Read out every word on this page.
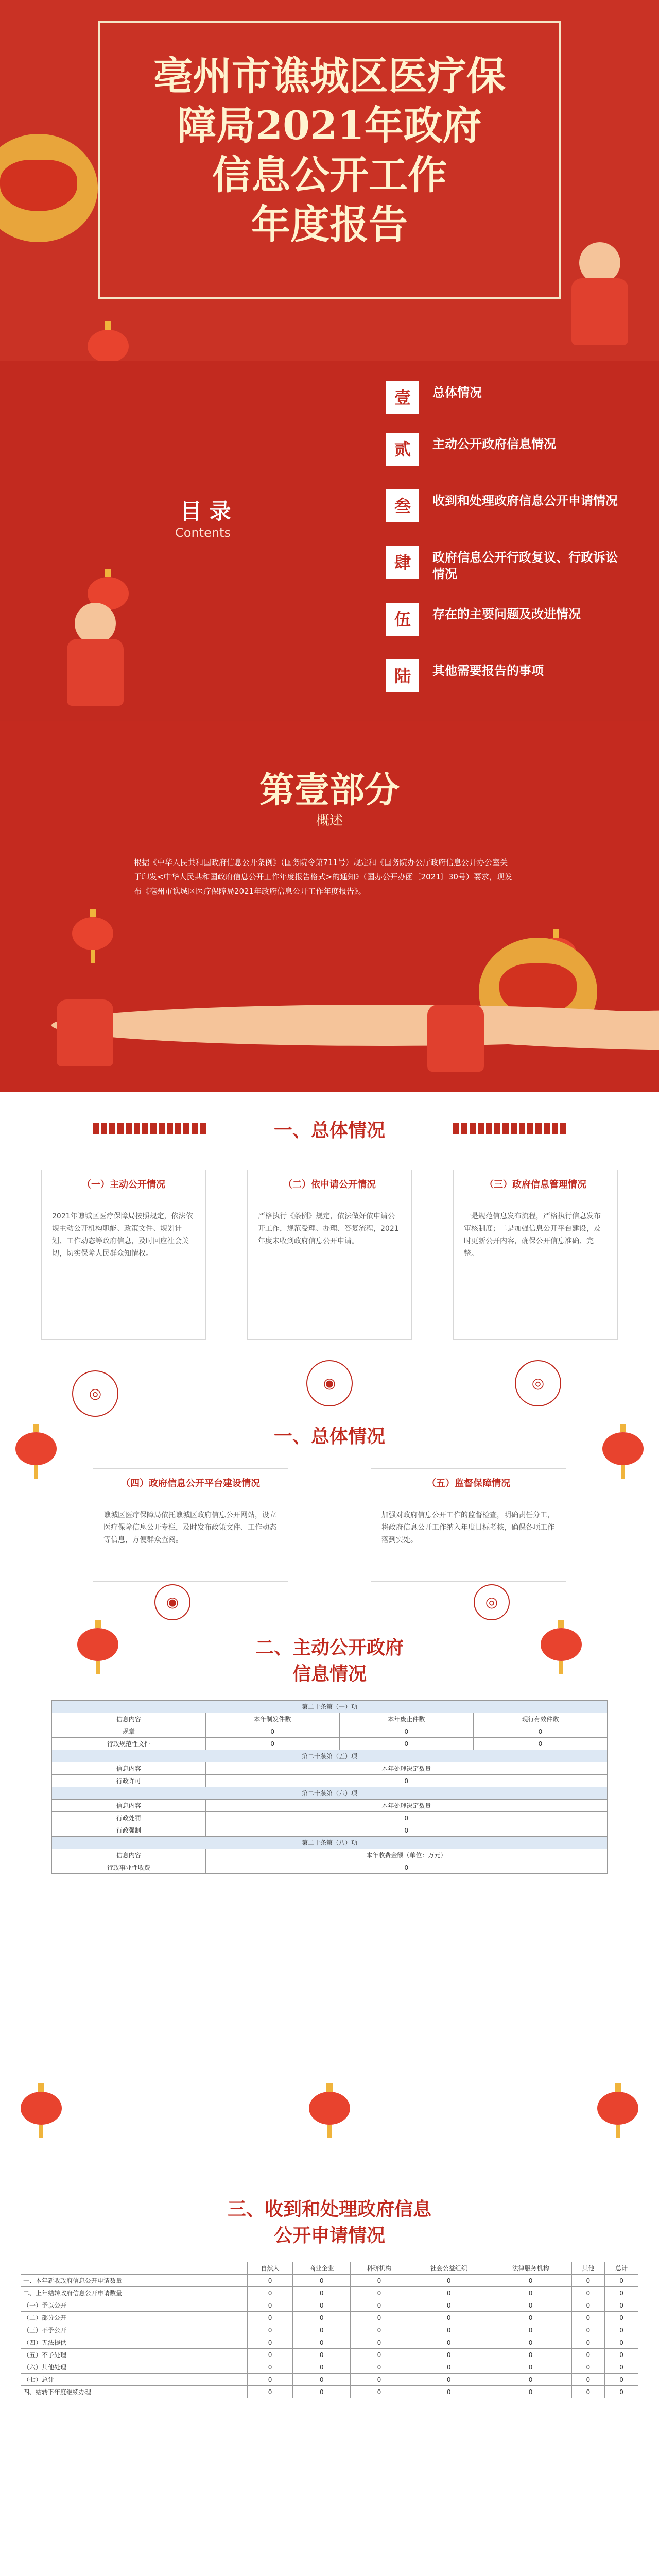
亳州市谯城区医疗保
障局2021年政府
信息公开工作
年度报告
目 录
Contents
壹	总体情况
贰	主动公开政府信息情况
叁	收到和处理政府信息公开申请情况
肆	政府信息公开行政复议、行政诉讼情况
伍	存在的主要问题及改进情况
陆	其他需要报告的事项
第壹部分
概述
根据《中华人民共和国政府信息公开条例》（国务院令第711号）规定和《国务院办公厅政府信息公开办公室关于印发<中华人民共和国政府信息公开工作年度报告格式>的通知》（国办公开办函〔2021〕30号）要求，现发布《亳州市谯城区医疗保障局2021年政府信息公开工作年度报告》。
一、总体情况
（一）主动公开情况
2021年谯城区医疗保障局按照规定，依法依规主动公开机构职能、政策文件、规划计划、工作动态等政府信息，及时回应社会关切，切实保障人民群众知情权。
◎
（二）依申请公开情况
严格执行《条例》规定，依法做好依申请公开工作，规范受理、办理、答复流程，2021年度未收到政府信息公开申请。
◉
（三）政府信息管理情况
一是规范信息发布流程，严格执行信息发布审核制度；二是加强信息公开平台建设，及时更新公开内容，确保公开信息准确、完整。
◎
一、总体情况
（四）政府信息公开平台建设情况
谯城区医疗保障局依托谯城区政府信息公开网站，设立医疗保障信息公开专栏，及时发布政策文件、工作动态等信息，方便群众查阅。
◉
（五）监督保障情况
加强对政府信息公开工作的监督检查，明确责任分工，将政府信息公开工作纳入年度目标考核，确保各项工作落到实处。
◎
二、主动公开政府
信息情况
第二十条第（一）项			
信息内容	本年制发件数	本年废止件数	现行有效件数
规章	0	0	0
行政规范性文件	0	0	0
第二十条第（五）项			
信息内容	本年处理决定数量		
行政许可	0		
第二十条第（六）项			
信息内容	本年处理决定数量		
行政处罚	0		
行政强制	0		
第二十条第（八）项			
信息内容	本年收费金额（单位：万元）		
行政事业性收费	0		
三、收到和处理政府信息
公开申请情况
	自然人	商业企业	科研机构	社会公益组织	法律服务机构	其他	总计
一、本年新收政府信息公开申请数量	0	0	0	0	0	0	0
二、上年结转政府信息公开申请数量	0	0	0	0	0	0	0
（一）予以公开	0	0	0	0	0	0	0
（二）部分公开	0	0	0	0	0	0	0
（三）不予公开	0	0	0	0	0	0	0
（四）无法提供	0	0	0	0	0	0	0
（五）不予处理	0	0	0	0	0	0	0
（六）其他处理	0	0	0	0	0	0	0
（七）总计	0	0	0	0	0	0	0
四、结转下年度继续办理	0	0	0	0	0	0	0
